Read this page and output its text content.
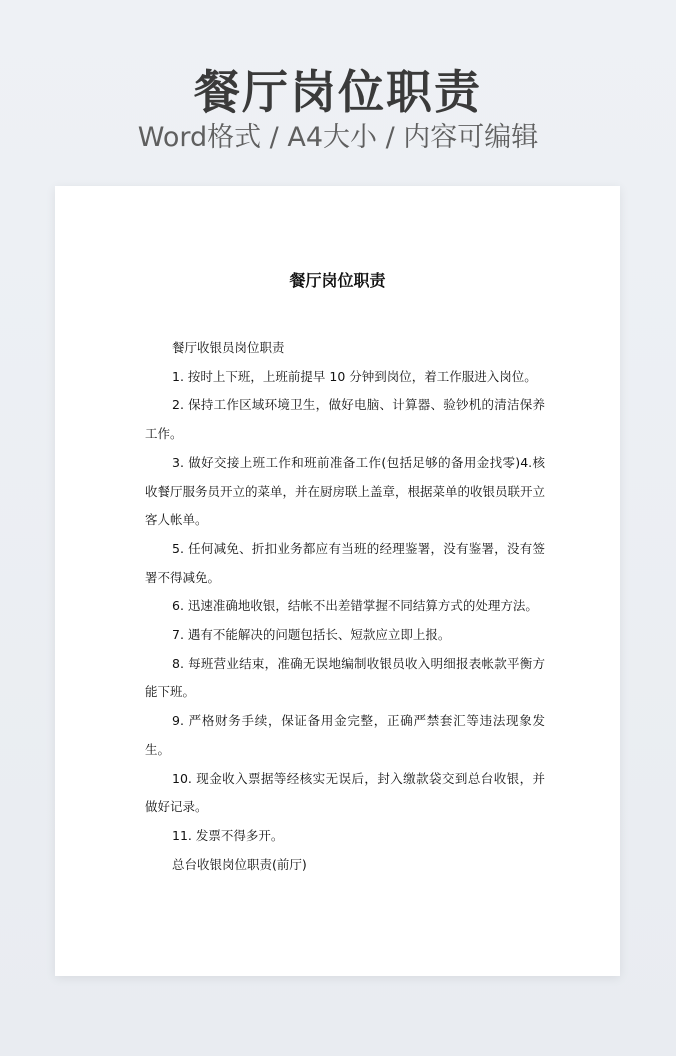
餐厅岗位职责
Word格式 / A4大小 / 内容可编辑
餐厅岗位职责

餐厅收银员岗位职责

1. 按时上下班，上班前提早 10 分钟到岗位，着工作服进入岗位。

2. 保持工作区域环境卫生，做好电脑、计算器、验钞机的清洁保养工作。

3. 做好交接上班工作和班前准备工作(包括足够的备用金找零)4.核收餐厅服务员开立的菜单，并在厨房联上盖章，根据菜单的收银员联开立客人帐单。

5. 任何减免、折扣业务都应有当班的经理鉴署，没有鉴署，没有签署不得减免。

6. 迅速准确地收银，结帐不出差错掌握不同结算方式的处理方法。

7. 遇有不能解决的问题包括长、短款应立即上报。

8. 每班营业结束，准确无误地编制收银员收入明细报表帐款平衡方能下班。

9. 严格财务手续，保证备用金完整，正确严禁套汇等违法现象发生。

10. 现金收入票据等经核实无误后，封入缴款袋交到总台收银，并做好记录。

11. 发票不得多开。

总台收银岗位职责(前厅)
